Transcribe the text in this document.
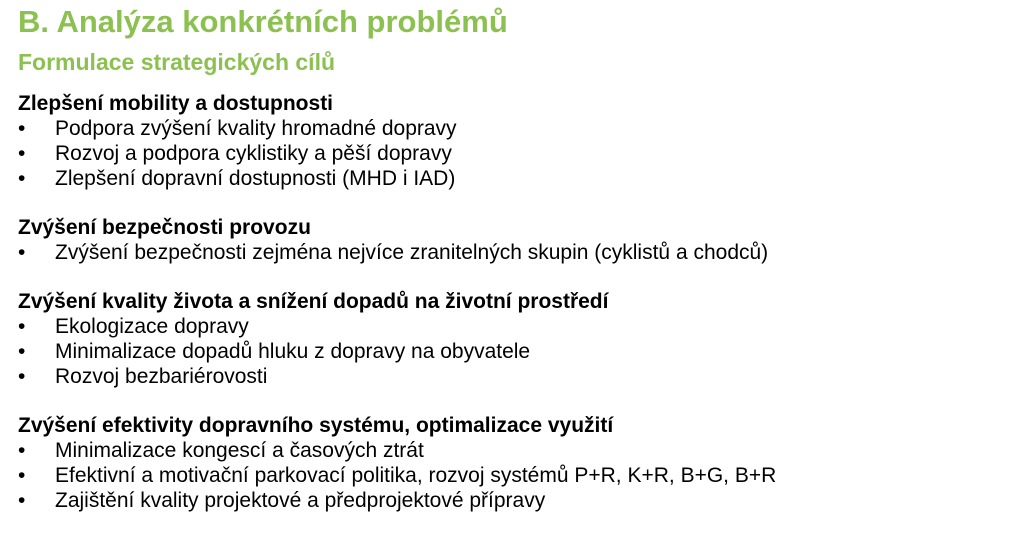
B. Analýza konkrétních problémů
Formulace strategických cílů
Zlepšení mobility a dostupnosti
•	Podpora zvýšení kvality hromadné dopravy
•	Rozvoj a podpora cyklistiky a pěší dopravy
•	Zlepšení dopravní dostupnosti (MHD i IAD)
Zvýšení bezpečnosti provozu
•	Zvýšení bezpečnosti zejména nejvíce zranitelných skupin (cyklistů a chodců)
Zvýšení kvality života a snížení dopadů na životní prostředí
•	Ekologizace dopravy
•	Minimalizace dopadů hluku z dopravy na obyvatele
•	Rozvoj bezbariérovosti
Zvýšení efektivity dopravního systému, optimalizace využití
•	Minimalizace kongescí a časových ztrát
•	Efektivní a motivační parkovací politika, rozvoj systémů P+R, K+R, B+G, B+R
•	Zajištění kvality projektové a předprojektové přípravy
